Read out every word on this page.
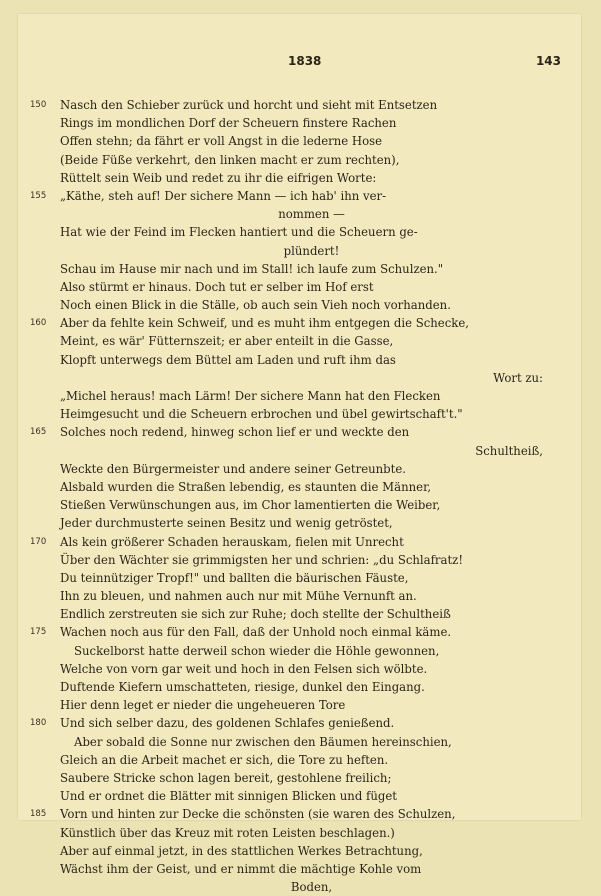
1838	143
150 Nasch den Schieber zurück und horcht und sieht mit Entsetzen
Rings im mondlichen Dorf der Scheuern finstere Rachen
Offen stehn; da fährt er voll Angst in die lederne Hose
(Beide Füße verkehrt, den linken macht er zum rechten),
Rüttelt sein Weib und redet zu ihr die eifrigen Worte:
155 „Käthe, steh auf! Der sichere Mann — ich hab' ihn ver-
nommen —
Hat wie der Feind im Flecken hantiert und die Scheuern ge-
plündert!
Schau im Hause mir nach und im Stall! ich laufe zum Schulzen."
Also stürmt er hinaus. Doch tut er selber im Hof erst
Noch einen Blick in die Ställe, ob auch sein Vieh noch vorhanden.
160 Aber da fehlte kein Schweif, und es muht ihm entgegen die Schecke,
Meint, es wär' Fütternszeit; er aber enteilt in die Gasse,
Klopft unterwegs dem Büttel am Laden und ruft ihm das
Wort zu:
„Michel heraus! mach Lärm! Der sichere Mann hat den Flecken
Heimgesucht und die Scheuern erbrochen und übel gewirtschaft't."
165 Solches noch redend, hinweg schon lief er und weckte den
Schultheiß,
Weckte den Bürgermeister und andere seiner Getreunbte.
Alsbald wurden die Straßen lebendig, es staunten die Männer,
Stießen Verwünschungen aus, im Chor lamentierten die Weiber,
Jeder durchmusterte seinen Besitz und wenig getröstet,
170 Als kein größerer Schaden herauskam, fielen mit Unrecht
Über den Wächter sie grimmigsten her und schrien: „du Schlafratz!
Du teinnütziger Tropf!" und ballten die bäurischen Fäuste,
Ihn zu bleuen, und nahmen auch nur mit Mühe Vernunft an.
Endlich zerstreuten sie sich zur Ruhe; doch stellte der Schultheiß
175 Wachen noch aus für den Fall, daß der Unhold noch einmal käme.
Suckelborst hatte derweil schon wieder die Höhle gewonnen,
Welche von vorn gar weit und hoch in den Felsen sich wölbte.
Duftende Kiefern umschatteten, riesige, dunkel den Eingang.
Hier denn leget er nieder die ungeheueren Tore
180 Und sich selber dazu, des goldenen Schlafes genießend.
Aber sobald die Sonne nur zwischen den Bäumen hereinschien,
Gleich an die Arbeit machet er sich, die Tore zu heften.
Saubere Stricke schon lagen bereit, gestohlene freilich;
Und er ordnet die Blätter mit sinnigen Blicken und füget
185 Vorn und hinten zur Decke die schönsten (sie waren des Schulzen,
Künstlich über das Kreuz mit roten Leisten beschlagen.)
Aber auf einmal jetzt, in des stattlichen Werkes Betrachtung,
Wächst ihm der Geist, und er nimmt die mächtige Kohle vom
Boden,
